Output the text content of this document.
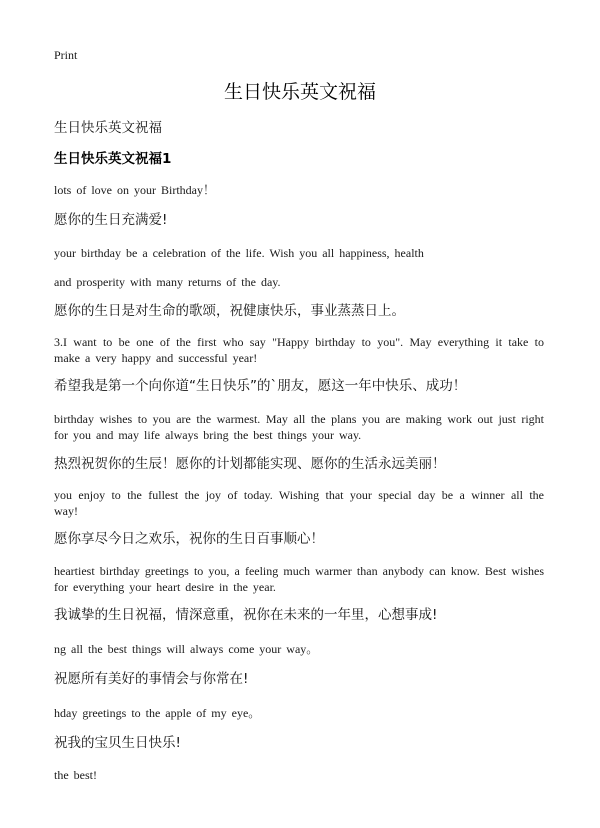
Print

生日快乐英文祝福

生日快乐英文祝福

生日快乐英文祝福1

lots of love on your Birthday！

愿你的生日充满爱!

your birthday be a celebration of the life. Wish you all happiness, health

and prosperity with many returns of the day.

愿你的生日是对生命的歌颂，祝健康快乐，事业蒸蒸日上。

3.I want to be one of the first who say "Happy birthday to you". May everything it take to make a very happy and successful year!

希望我是第一个向你道“生日快乐”的`朋友，愿这一年中快乐、成功！

birthday wishes to you are the warmest. May all the plans you are making work out just right for you and may life always bring the best things your way.

热烈祝贺你的生辰！愿你的计划都能实现、愿你的生活永远美丽！

you enjoy to the fullest the joy of today. Wishing that your special day be a winner all the way!

愿你享尽今日之欢乐，祝你的生日百事顺心！

heartiest birthday greetings to you, a feeling much warmer than anybody can know. Best wishes for everything your heart desire in the year.

我诚挚的生日祝福，情深意重，祝你在未来的一年里，心想事成!

ng all the best things will always come your way。

祝愿所有美好的事情会与你常在!

hday greetings to the apple of my eye。

祝我的宝贝生日快乐!

the best!
